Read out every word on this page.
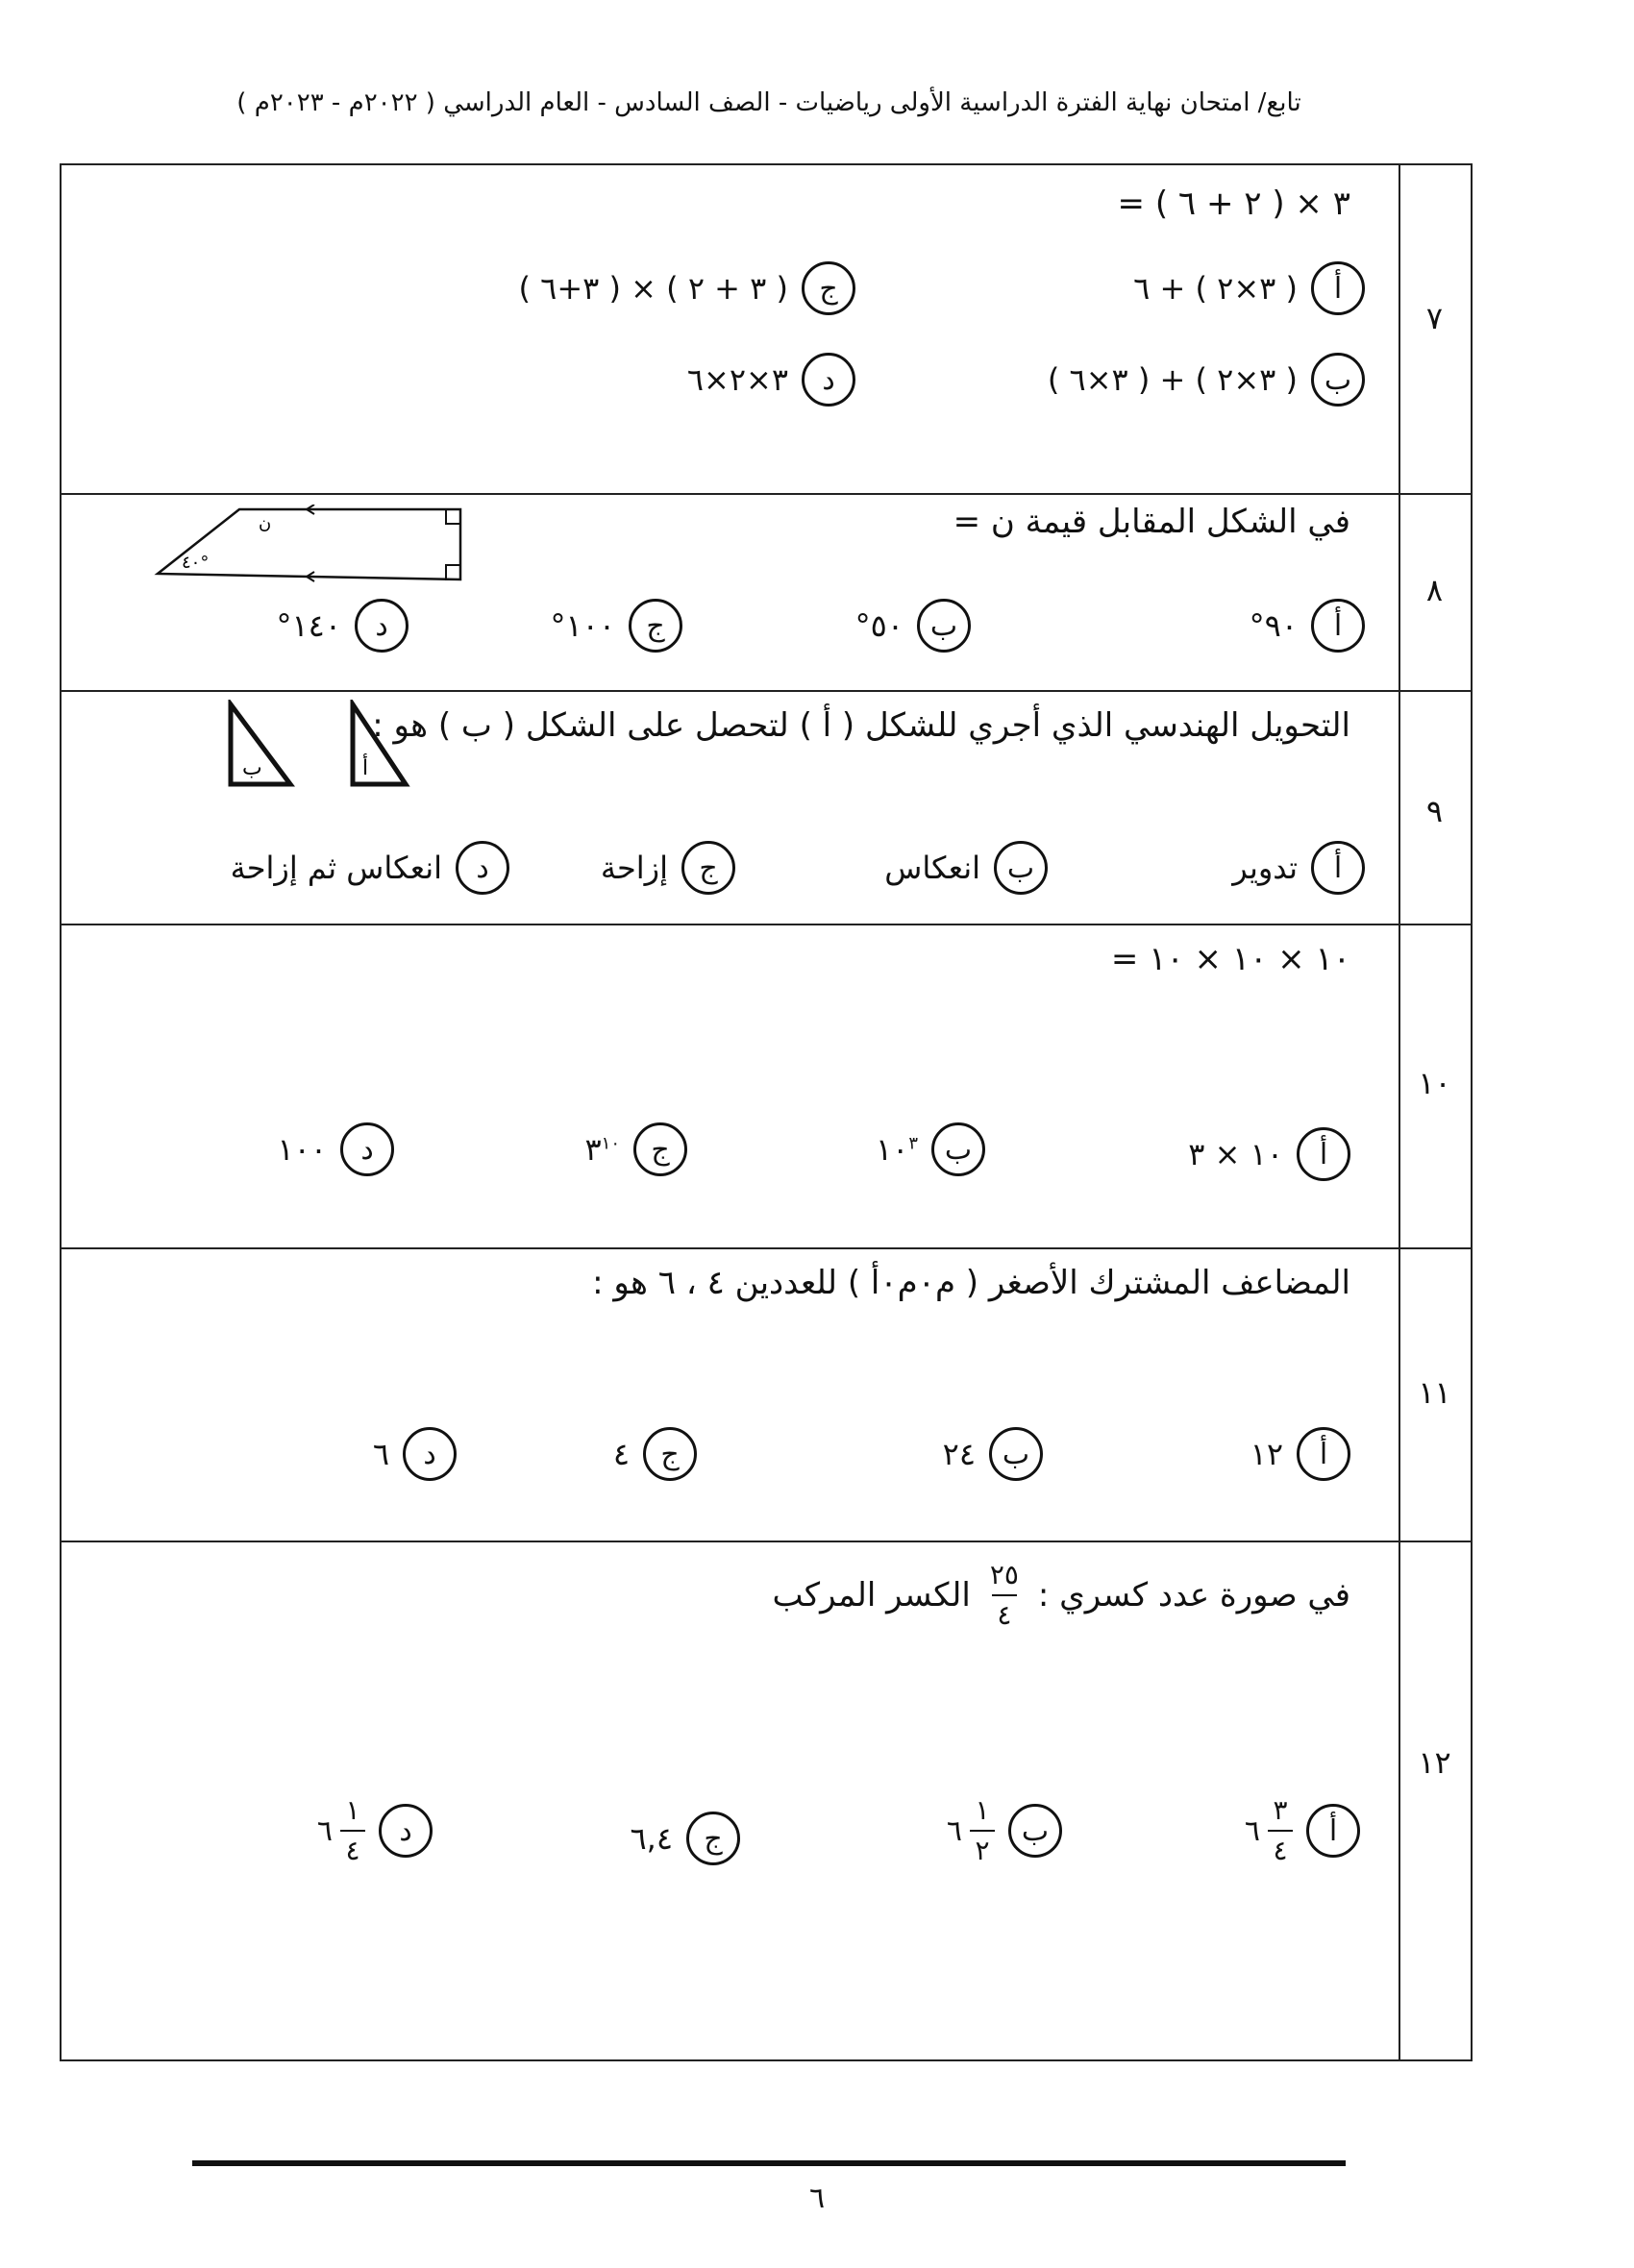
تابع/ امتحان نهاية الفترة الدراسية الأولى رياضيات - الصف السادس - العام الدراسي ( ٢٠٢٢م - ٢٠٢٣م )
٧
٣ × ( ٢ + ٦ ) =
أ
( ٣×٢ ) + ٦
ب
( ٣×٢ ) + ( ٣×٦ )
ج
( ٣ + ٢ ) × ( ٣+٦ )
د
٣×٢×٦
٨
في الشكل المقابل قيمة ن =
ن
٤٠°
أ
٩٠°
ب
٥٠°
ج
١٠٠°
د
١٤٠°
٩
التحويل الهندسي الذي أجري للشكل ( أ ) لتحصل على الشكل ( ب ) هو :
ب	أ
أ
تدوير
ب
انعكاس
ج
إزاحة
د
انعكاس ثم إزاحة
١٠
١٠ × ١٠ × ١٠ =
أ
١٠ × ٣
ب
$١٠^٣$
ج
$٣^{١٠}$
د
١٠٠
١١
المضاعف المشترك الأصغر ( م٠م٠أ ) للعددين ٤ ، ٦ هو :
أ
١٢
ب
٢٤
ج
٤
د
٦
١٢
الكسر المركب
٢٥
٤
في صورة عدد كسري :
أ
٦
٣
٤
ب
٦
١
٢
ج
٦,٤
د
٦
١
٤
٦
